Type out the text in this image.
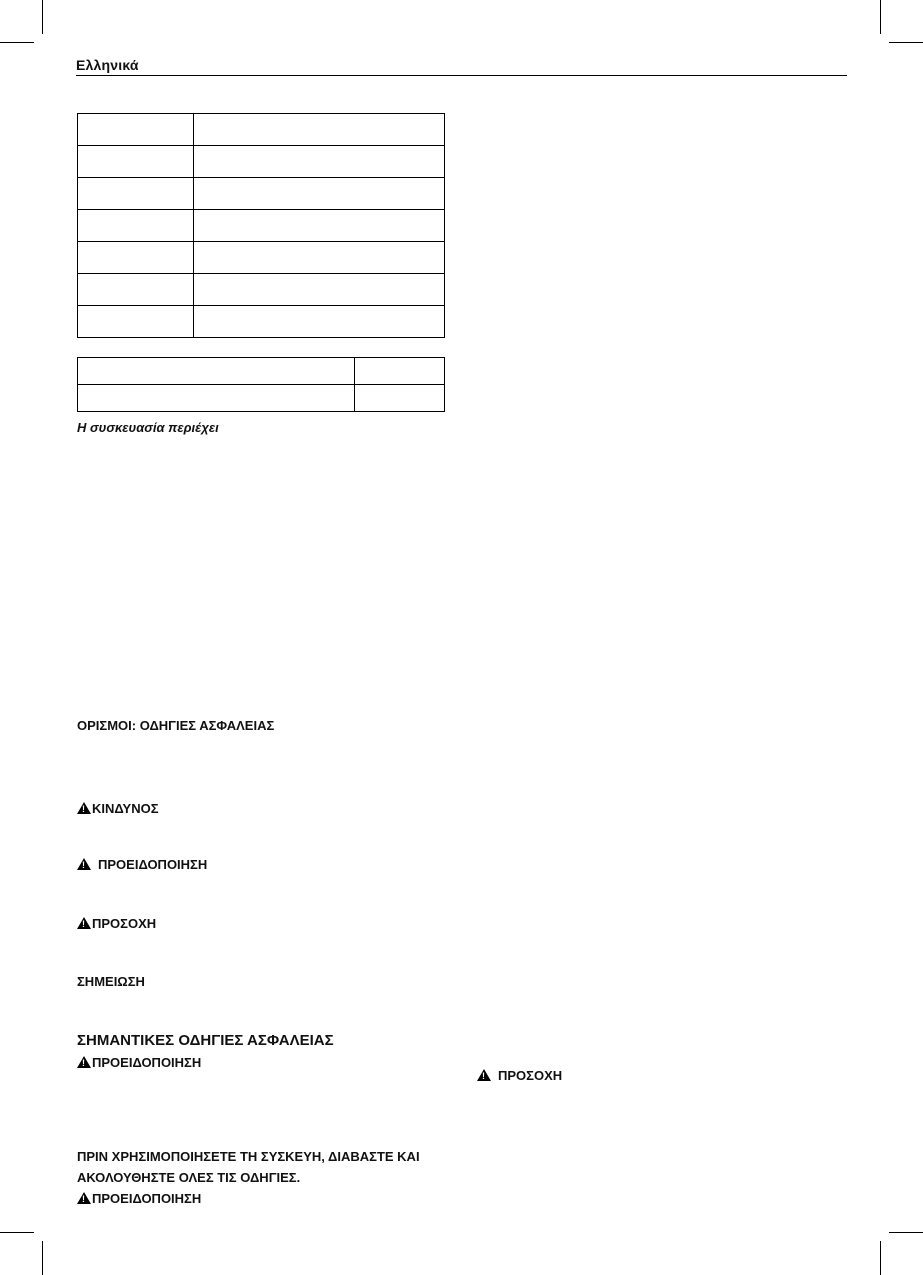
Ελληνικά

Η συσκευασία περιέχει
ΟΡΙΣΜΟΙ: ΟΔΗΓΙΕΣ ΑΣΦΑΛΕΙΑΣ
!ΚΙΝΔΥΝΟΣ
!ΠΡΟΕΙΔΟΠΟΙΗΣΗ
!ΠΡΟΣΟΧΗ
ΣΗΜΕΙΩΣΗ
ΣΗΜΑΝΤΙΚΕΣ ΟΔΗΓΙΕΣ ΑΣΦΑΛΕΙΑΣ
!ΠΡΟΕΙΔΟΠΟΙΗΣΗ
ΠΡΙΝ ΧΡΗΣΙΜΟΠΟΙΗΣΕΤΕ ΤΗ ΣΥΣΚΕΥΗ, ΔΙΑΒΑΣΤΕ ΚΑΙ
ΑΚΟΛΟΥΘΗΣΤΕ ΟΛΕΣ ΤΙΣ ΟΔΗΓΙΕΣ.
!ΠΡΟΕΙΔΟΠΟΙΗΣΗ
!ΠΡΟΣΟΧΗ
